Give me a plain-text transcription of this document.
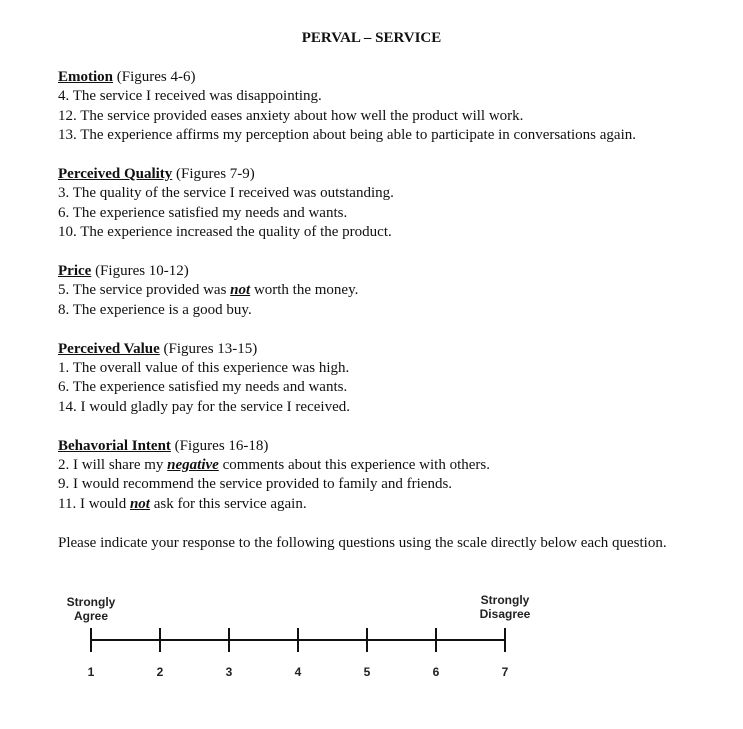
PERVAL – SERVICE
Emotion (Figures 4-6)
4. The service I received was disappointing.
12. The service provided eases anxiety about how well the product will work.
13. The experience affirms my perception about being able to participate in conversations again.
Perceived Quality (Figures 7-9)
3. The quality of the service I received was outstanding.
6. The experience satisfied my needs and wants.
10. The experience increased the quality of the product.
Price (Figures 10-12)
5. The service provided was not worth the money.
8. The experience is a good buy.
Perceived Value (Figures 13-15)
1. The overall value of this experience was high.
6. The experience satisfied my needs and wants.
14. I would gladly pay for the service I received.
Behavorial Intent (Figures 16-18)
2. I will share my negative comments about this experience with others.
9. I would recommend the service provided to family and friends.
11. I would not ask for this service again.
Please indicate your response to the following questions using the scale directly below each question.
1	2	3	4	5	6	7
Strongly
Agree
Strongly
Disagree
